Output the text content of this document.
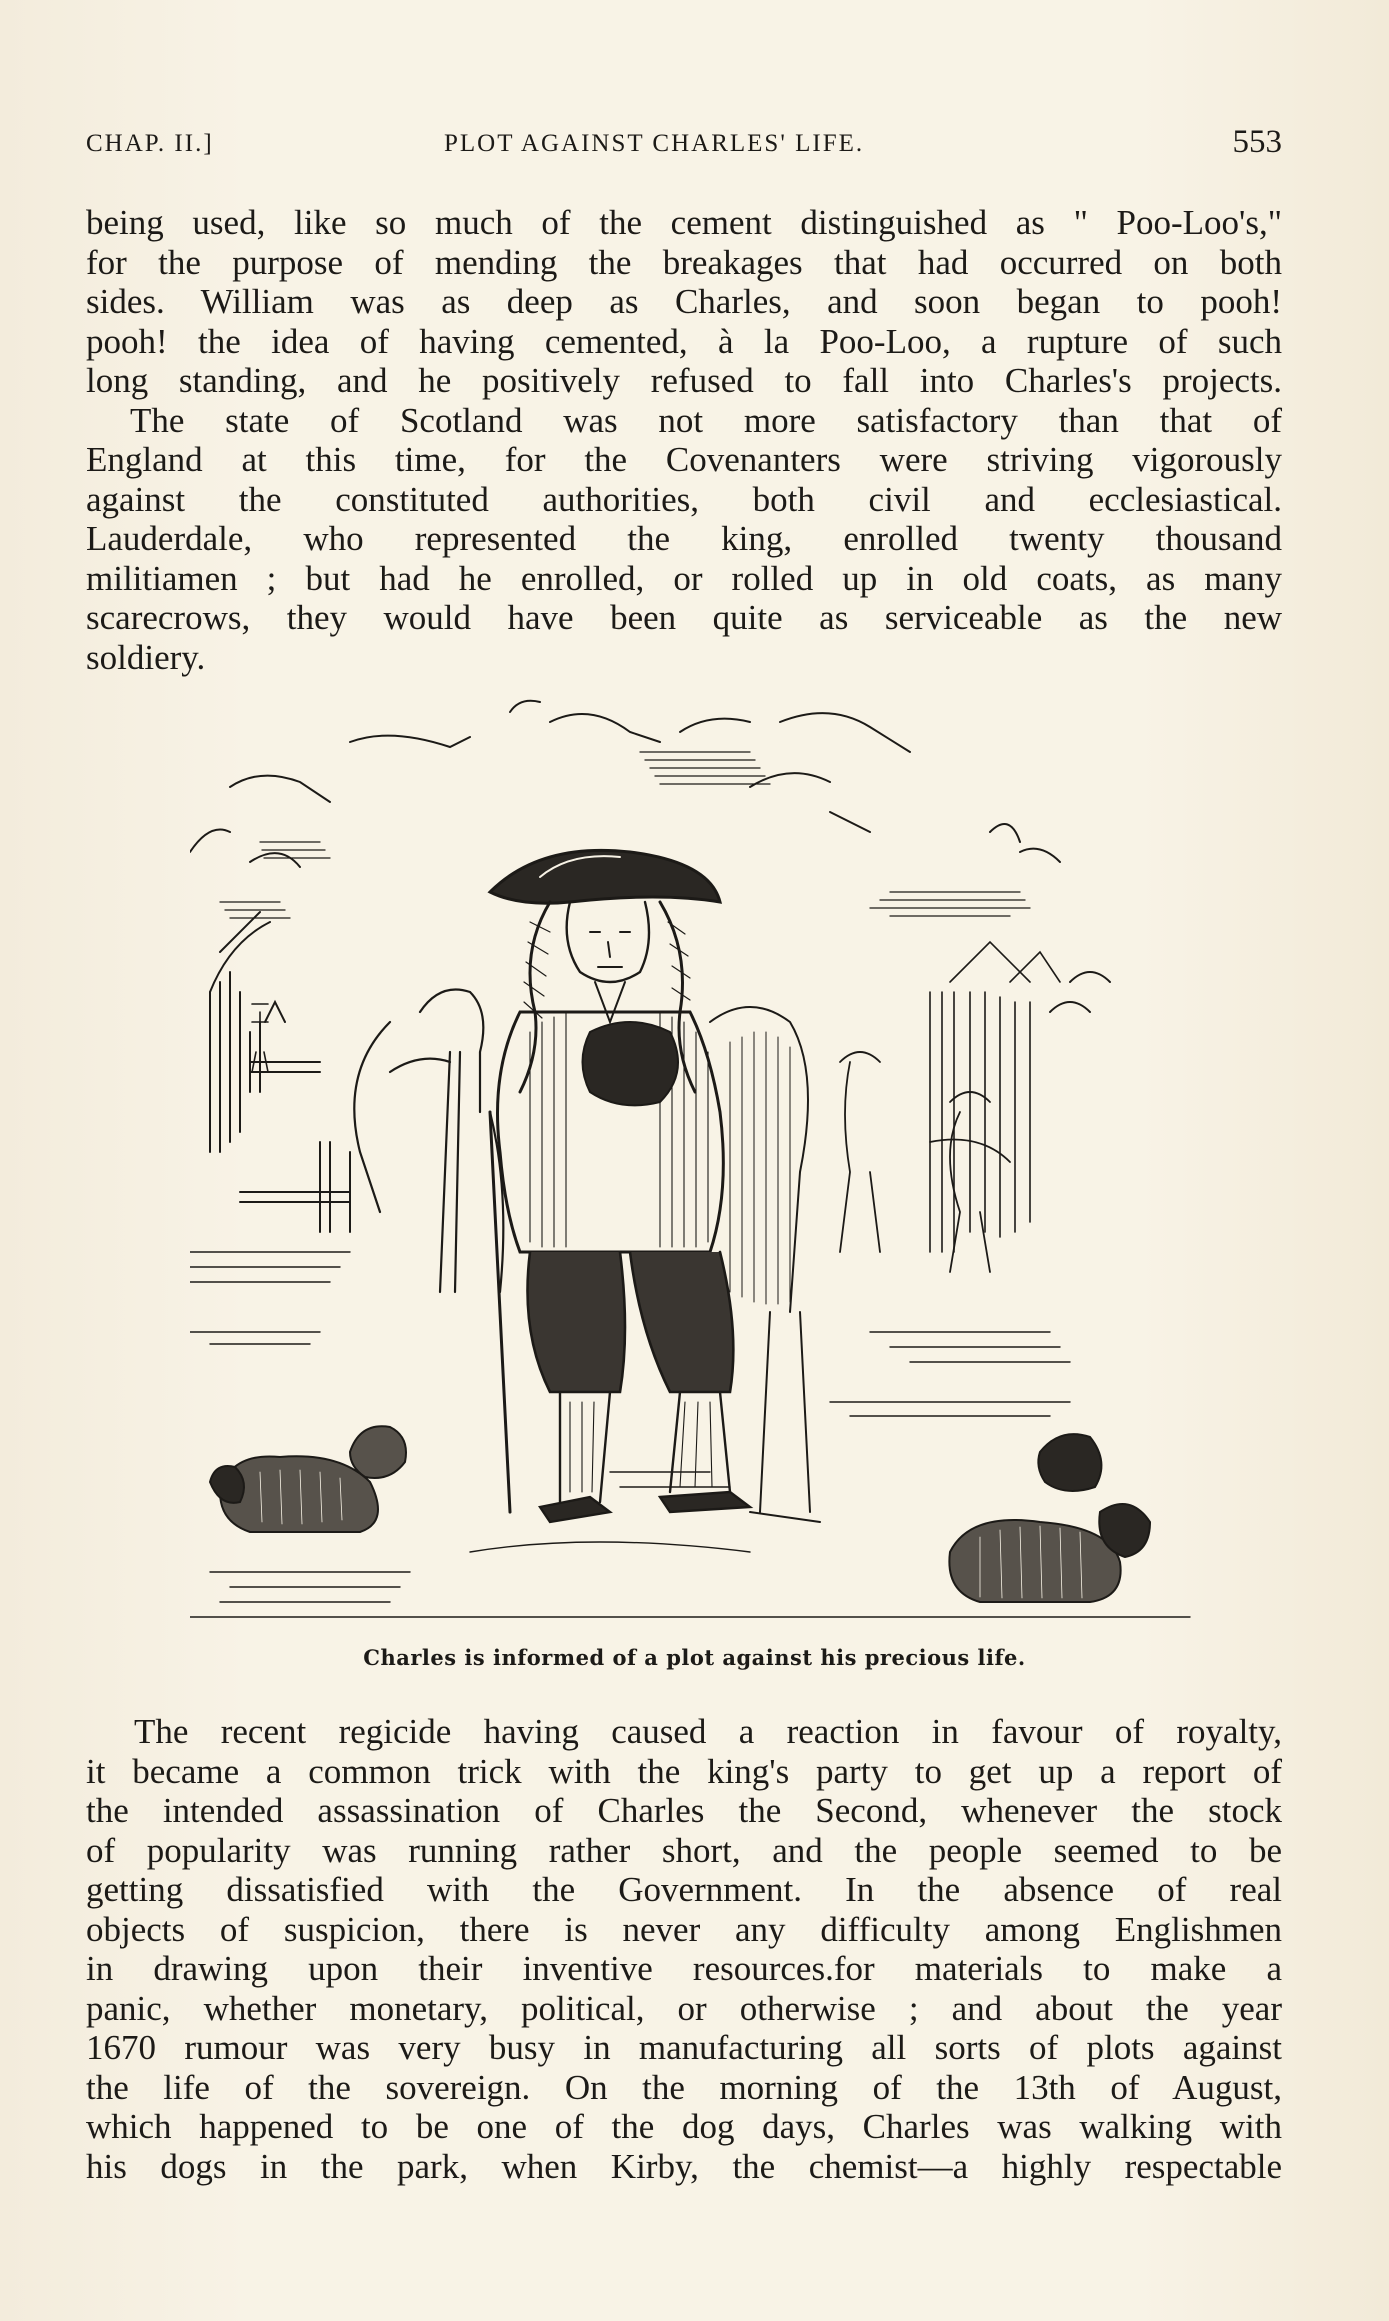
CHAP. II.]	PLOT AGAINST CHARLES' LIFE.	553
being used, like so much of the cement distinguished as " Poo-Loo's,"
for the purpose of mending the breakages that had occurred on both
sides. William was as deep as Charles, and soon began to pooh!
pooh! the idea of having cemented, à la Poo-Loo, a rupture of such
long standing, and he positively refused to fall into Charles's projects.
The state of Scotland was not more satisfactory than that of
England at this time, for the Covenanters were striving vigorously
against the constituted authorities, both civil and ecclesiastical.
Lauderdale, who represented the king, enrolled twenty thousand
militiamen ; but had he enrolled, or rolled up in old coats, as many
scarecrows, they would have been quite as serviceable as the new
soldiery.
Charles is informed of a plot against his precious life.
The recent regicide having caused a reaction in favour of royalty,
it became a common trick with the king's party to get up a report of
the intended assassination of Charles the Second, whenever the stock
of popularity was running rather short, and the people seemed to be
getting dissatisfied with the Government. In the absence of real
objects of suspicion, there is never any difficulty among Englishmen
in drawing upon their inventive resources.for materials to make a
panic, whether monetary, political, or otherwise ; and about the year
1670 rumour was very busy in manufacturing all sorts of plots against
the life of the sovereign. On the morning of the 13th of August,
which happened to be one of the dog days, Charles was walking with
his dogs in the park, when Kirby, the chemist—a highly respectable
